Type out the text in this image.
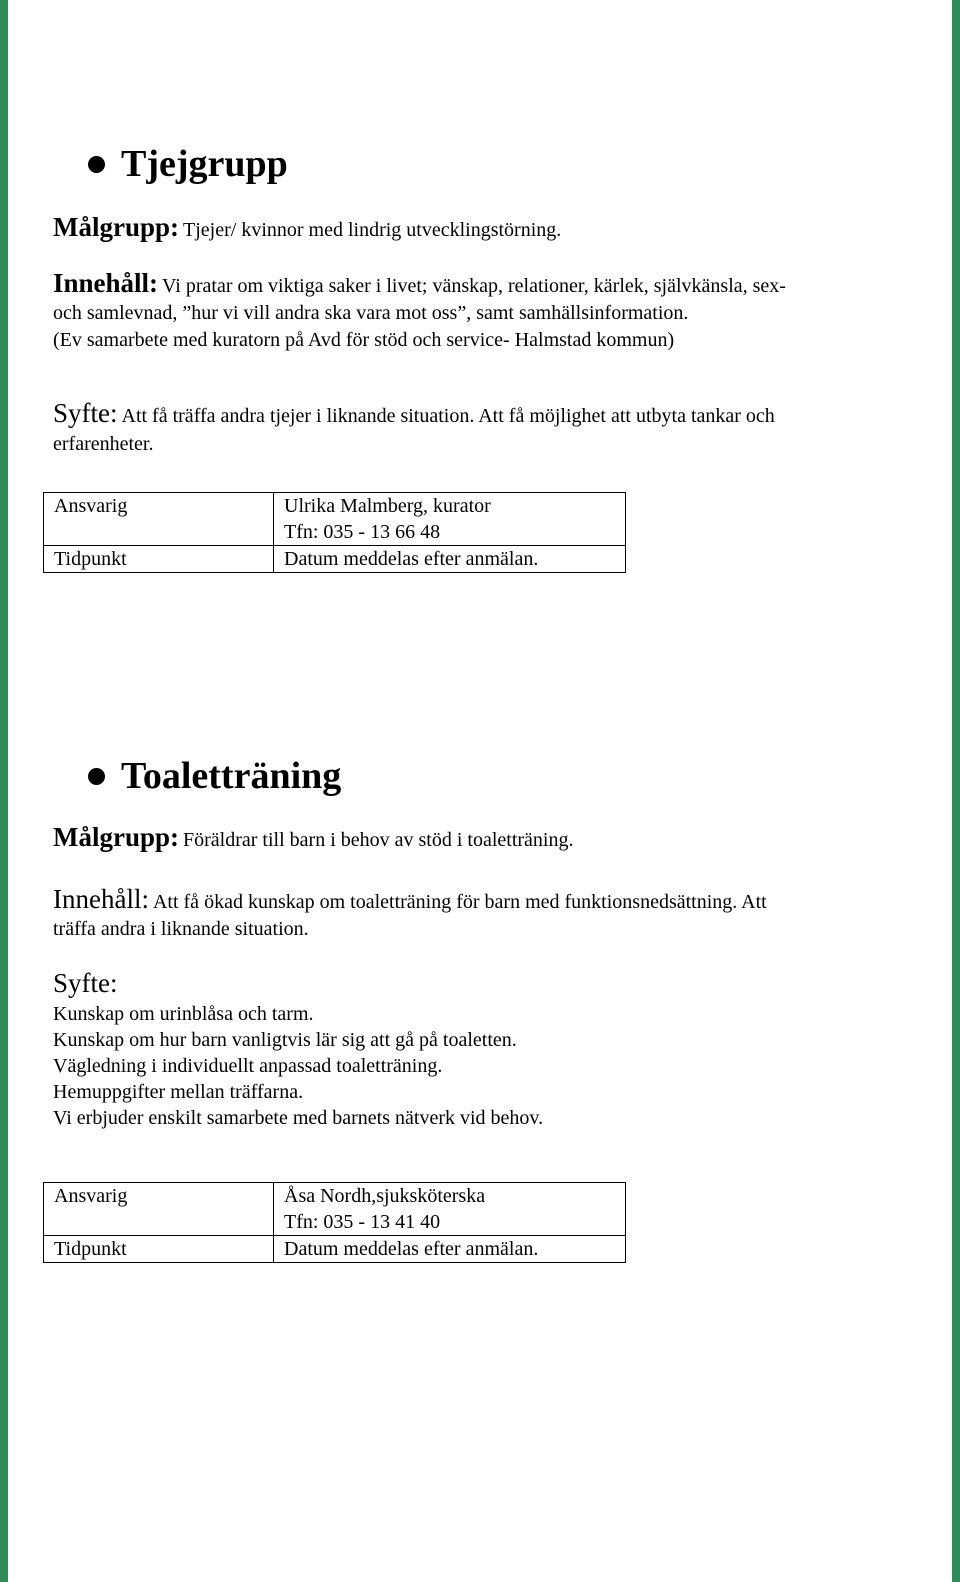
Tjejgrupp
Målgrupp: Tjejer/ kvinnor med lindrig utvecklingstörning.
Innehåll: Vi pratar om viktiga saker i livet; vänskap, relationer, kärlek, självkänsla, sex-
och samlevnad, ”hur vi vill andra ska vara mot oss”, samt samhällsinformation.
(Ev samarbete med kuratorn på Avd för stöd och service- Halmstad kommun)
Syfte: Att få träffa andra tjejer i liknande situation. Att få möjlighet att utbyta tankar och
erfarenheter.
Ansvarig	Ulrika Malmberg, kurator
Tfn: 035 - 13 66 48

Tidpunkt	Datum meddelas efter anmälan.
Toaletträning
Målgrupp: Föräldrar till barn i behov av stöd i toaletträning.
Innehåll: Att få ökad kunskap om toaletträning för barn med funktionsnedsättning. Att
träffa andra i liknande situation.
Syfte:
Kunskap om urinblåsa och tarm.
Kunskap om hur barn vanligtvis lär sig att gå på toaletten.
Vägledning i individuellt anpassad toaletträning.
Hemuppgifter mellan träffarna.
Vi erbjuder enskilt samarbete med barnets nätverk vid behov.
Ansvarig	Åsa Nordh,sjuksköterska
Tfn: 035 - 13 41 40

Tidpunkt	Datum meddelas efter anmälan.
